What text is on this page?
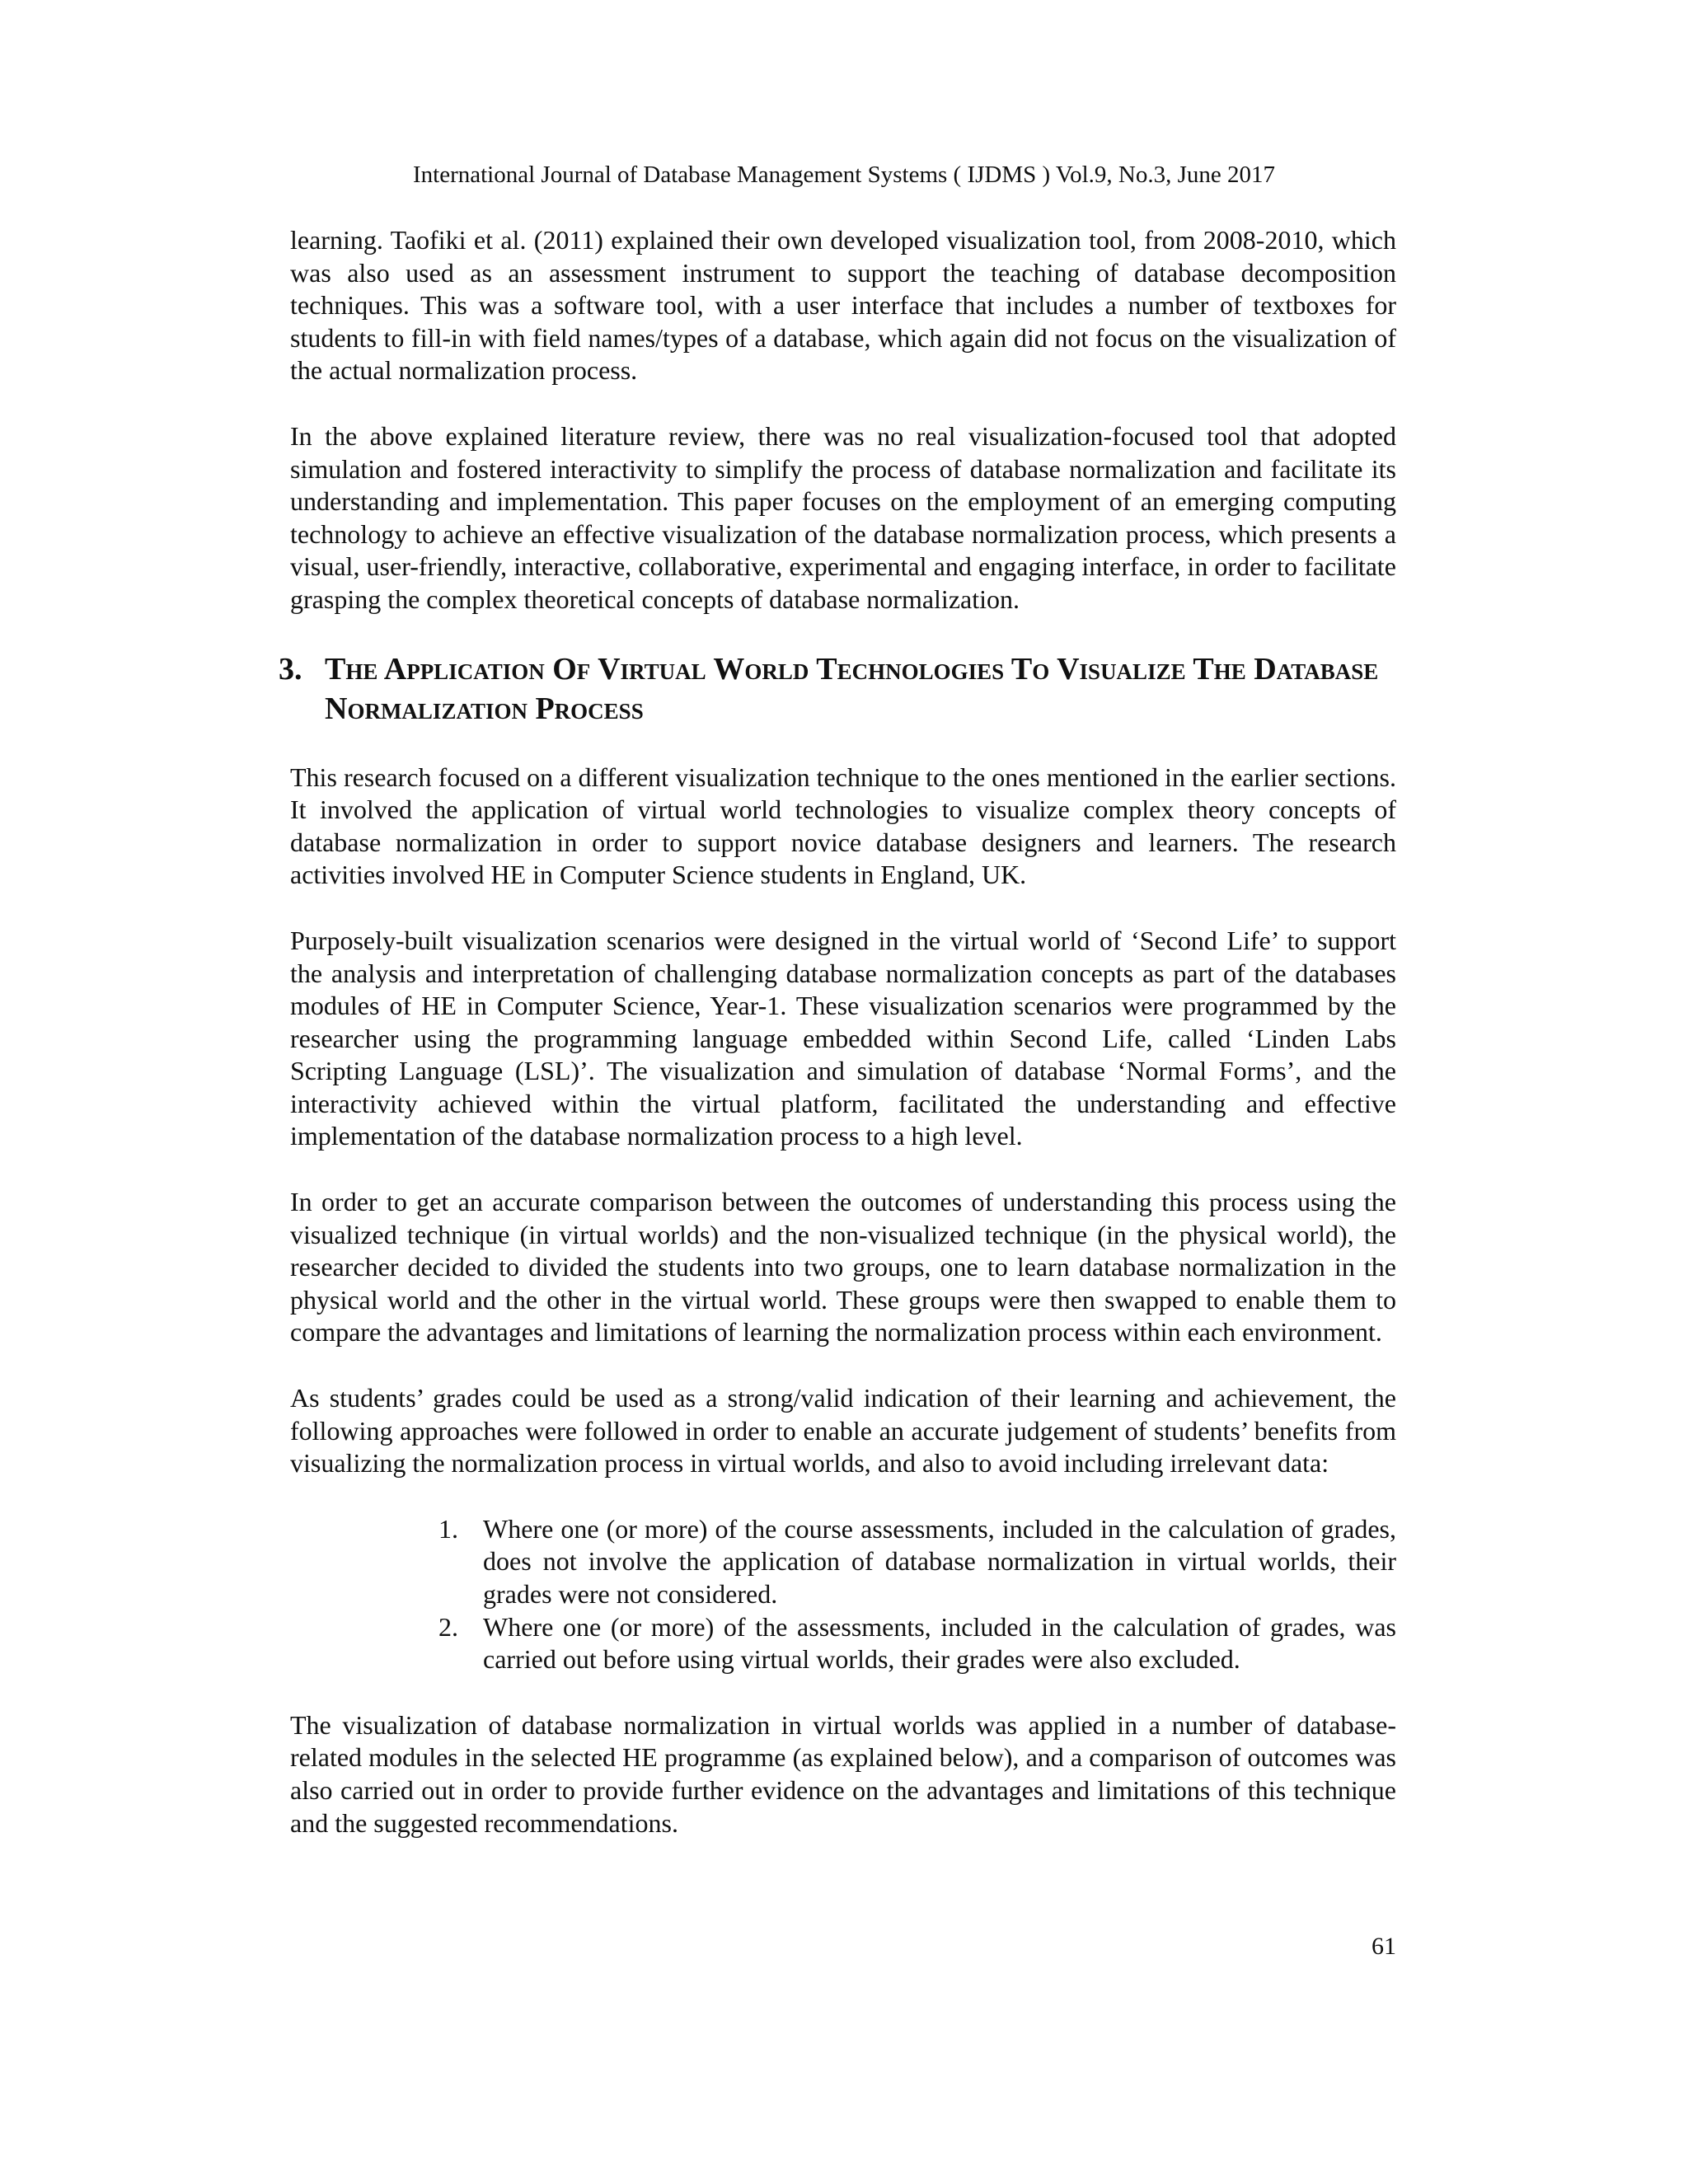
International Journal of Database Management Systems ( IJDMS ) Vol.9, No.3, June 2017

learning. Taofiki et al. (2011) explained their own developed visualization tool, from 2008-2010, which was also used as an assessment instrument to support the teaching of database decomposition techniques. This was a software tool, with a user interface that includes a number of textboxes for students to fill-in with field names/types of a database, which again did not focus on the visualization of the actual normalization process.

In the above explained literature review, there was no real visualization-focused tool that adopted simulation and fostered interactivity to simplify the process of database normalization and facilitate its understanding and implementation. This paper focuses on the employment of an emerging computing technology to achieve an effective visualization of the database normalization process, which presents a visual, user-friendly, interactive, collaborative, experimental and engaging interface, in order to facilitate grasping the complex theoretical concepts of database normalization.

3. The Application Of Virtual World Technologies To Visualize The Database Normalization Process

This research focused on a different visualization technique to the ones mentioned in the earlier sections. It involved the application of virtual world technologies to visualize complex theory concepts of database normalization in order to support novice database designers and learners. The research activities involved HE in Computer Science students in England, UK.

Purposely-built visualization scenarios were designed in the virtual world of ‘Second Life’ to support the analysis and interpretation of challenging database normalization concepts as part of the databases modules of HE in Computer Science, Year-1. These visualization scenarios were programmed by the researcher using the programming language embedded within Second Life, called ‘Linden Labs Scripting Language (LSL)’. The visualization and simulation of database ‘Normal Forms’, and the interactivity achieved within the virtual platform, facilitated the understanding and effective implementation of the database normalization process to a high level.

In order to get an accurate comparison between the outcomes of understanding this process using the visualized technique (in virtual worlds) and the non-visualized technique (in the physical world), the researcher decided to divided the students into two groups, one to learn database normalization in the physical world and the other in the virtual world. These groups were then swapped to enable them to compare the advantages and limitations of learning the normalization process within each environment.

As students’ grades could be used as a strong/valid indication of their learning and achievement, the following approaches were followed in order to enable an accurate judgement of students’ benefits from visualizing the normalization process in virtual worlds, and also to avoid including irrelevant data:

1. Where one (or more) of the course assessments, included in the calculation of grades, does not involve the application of database normalization in virtual worlds, their grades were not considered.
2. Where one (or more) of the assessments, included in the calculation of grades, was carried out before using virtual worlds, their grades were also excluded.

The visualization of database normalization in virtual worlds was applied in a number of database-related modules in the selected HE programme (as explained below), and a comparison of outcomes was also carried out in order to provide further evidence on the advantages and limitations of this technique and the suggested recommendations.

61
